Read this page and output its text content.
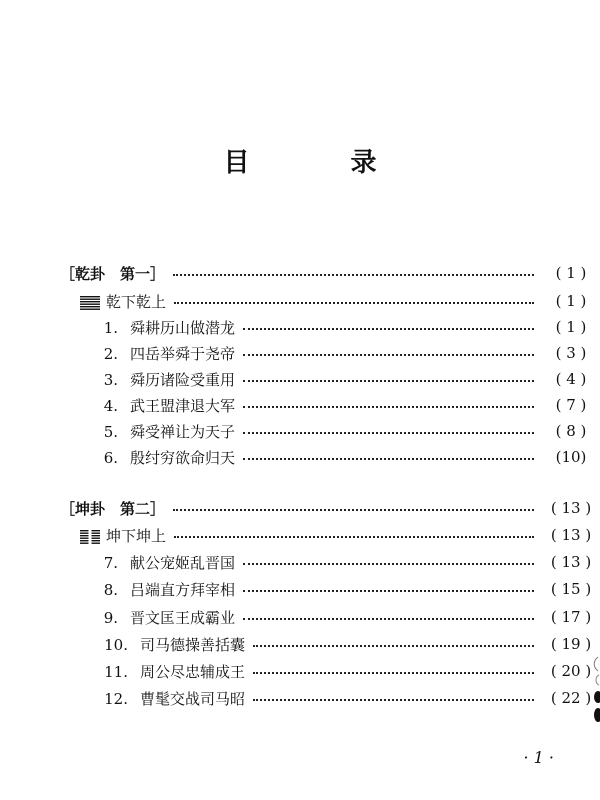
目 录
［乾卦　第一］	( 1 )
乾下乾上	( 1 )
1. 舜耕历山做潜龙	( 1 )
2. 四岳举舜于尧帝	( 3 )
3. 舜历诸险受重用	( 4 )
4. 武王盟津退大军	( 7 )
5. 舜受禅让为天子	( 8 )
6. 殷纣穷欲命归天	(10)
［坤卦　第二］	( 13 )
坤下坤上	( 13 )
7. 献公宠姬乱晋国	( 13 )
8. 吕端直方拜宰相	( 15 )
9. 晋文匡王成霸业	( 17 )
10. 司马德操善括囊	( 19 )
11. 周公尽忠辅成王	( 20 )
12. 曹髦交战司马昭	( 22 )
· 1 ·
